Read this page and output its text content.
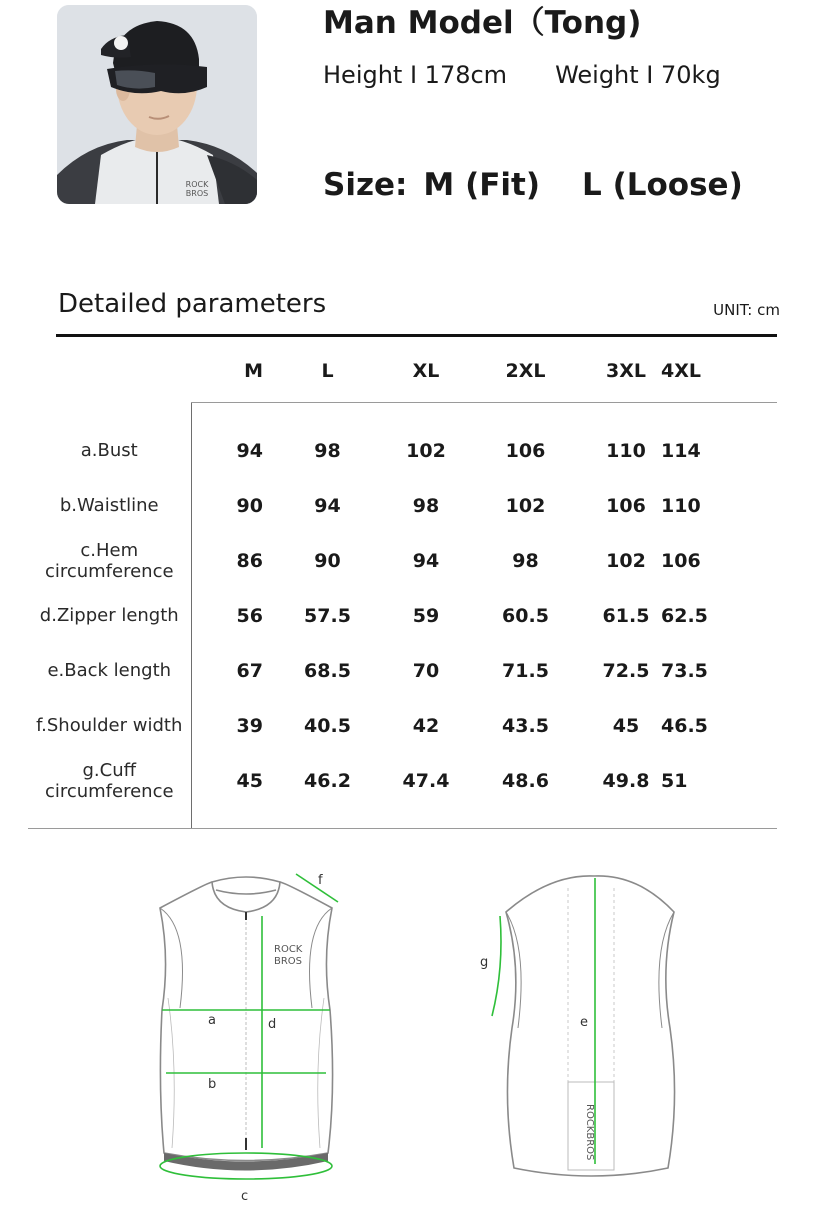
ROCK
BROS
Man Model（Tong)
Height I 178cm Weight I 70kg
Size: M (Fit) L (Loose)
Detailed parameters	UNIT: cm
	M	L	XL	2XL	3XL	4XL
a.Bust	94	98	102	106	110	114
b.Waistline	90	94	98	102	106	110
c.Hem circumference	86	90	94	98	102	106
d.Zipper length	56	57.5	59	60.5	61.5	62.5
e.Back length	67	68.5	70	71.5	72.5	73.5
f.Shoulder width	39	40.5	42	43.5	45	46.5
g.Cuff circumference	45	46.2	47.4	48.6	49.8	51
ROCK
BROS
a	d
b
c
f
g
e
ROCKBROS
